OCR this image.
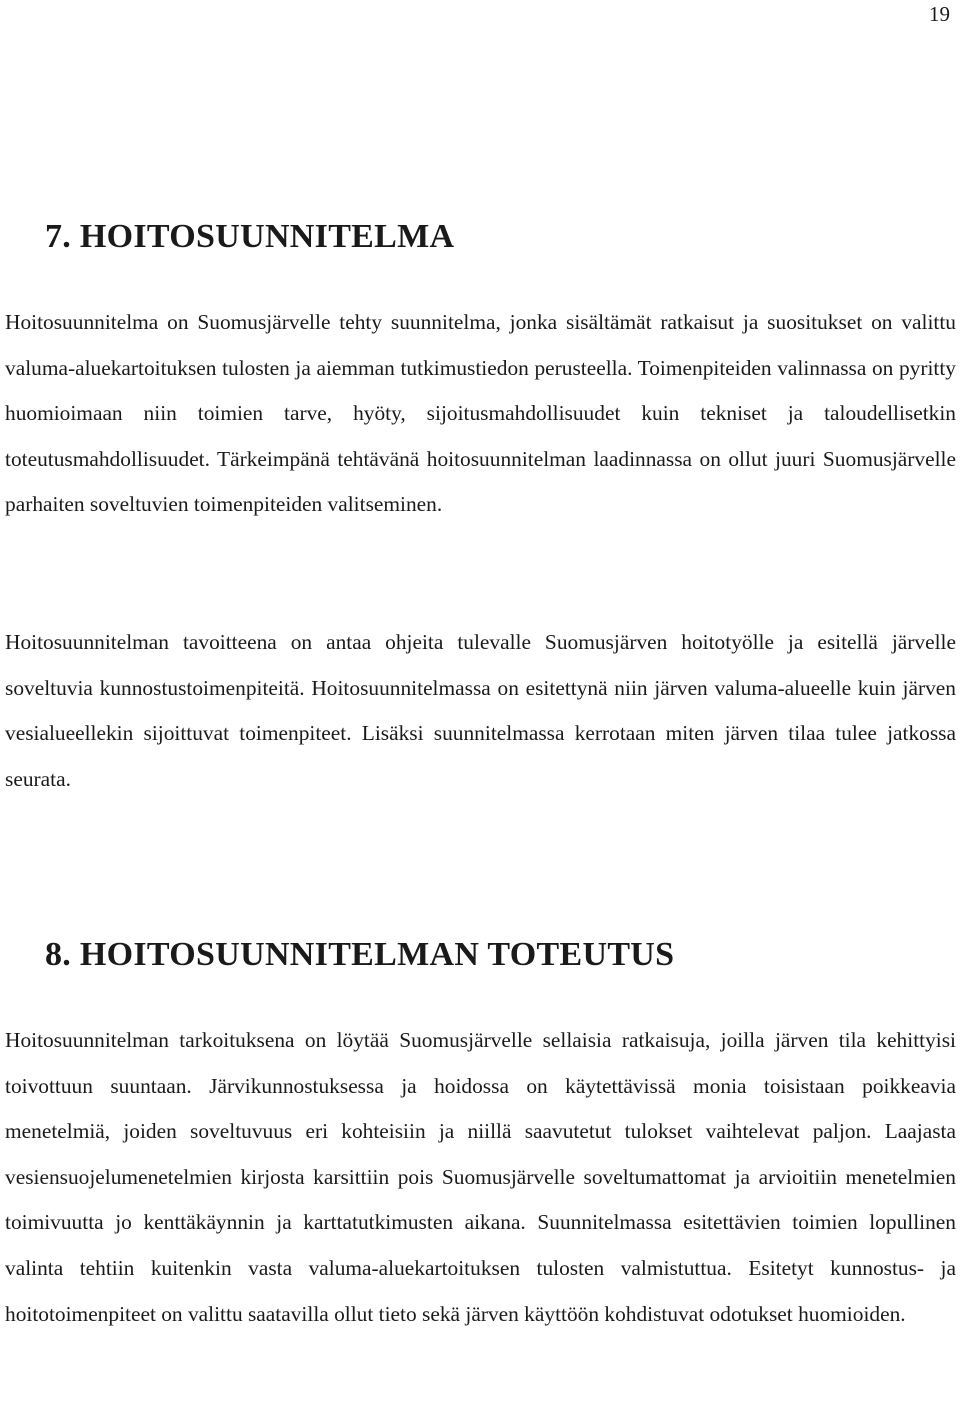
19
7. HOITOSUUNNITELMA

Hoitosuunnitelma on Suomusjärvelle tehty suunnitelma, jonka sisältämät ratkaisut ja suositukset on valittu valuma-aluekartoituksen tulosten ja aiemman tutkimustiedon perusteella. Toimenpiteiden valinnassa on pyritty huomioimaan niin toimien tarve, hyöty, sijoitusmahdollisuudet kuin tekniset ja taloudellisetkin toteutusmahdollisuudet. Tärkeimpänä tehtävänä hoitosuunnitelman laadinnassa on ollut juuri Suomusjärvelle parhaiten soveltuvien toimenpiteiden valitseminen.

Hoitosuunnitelman tavoitteena on antaa ohjeita tulevalle Suomusjärven hoitotyölle ja esitellä järvelle soveltuvia kunnostustoimenpiteitä. Hoitosuunnitelmassa on esitettynä niin järven valuma-alueelle kuin järven vesialueellekin sijoittuvat toimenpiteet. Lisäksi suunnitelmassa kerrotaan miten järven tilaa tulee jatkossa seurata.

8. HOITOSUUNNITELMAN TOTEUTUS

Hoitosuunnitelman tarkoituksena on löytää Suomusjärvelle sellaisia ratkaisuja, joilla järven tila kehittyisi toivottuun suuntaan. Järvikunnostuksessa ja hoidossa on käytettävissä monia toisistaan poikkeavia menetelmiä, joiden soveltuvuus eri kohteisiin ja niillä saavutetut tulokset vaihtelevat paljon. Laajasta vesiensuojelumenetelmien kirjosta karsittiin pois Suomusjärvelle soveltumattomat ja arvioitiin menetelmien toimivuutta jo kenttäkäynnin ja karttatutkimusten aikana. Suunnitelmassa esitettävien toimien lopullinen valinta tehtiin kuitenkin vasta valuma-aluekartoituksen tulosten valmistuttua. Esitetyt kunnostus- ja hoitotoimenpiteet on valittu saatavilla ollut tieto sekä järven käyttöön kohdistuvat odotukset huomioiden.
